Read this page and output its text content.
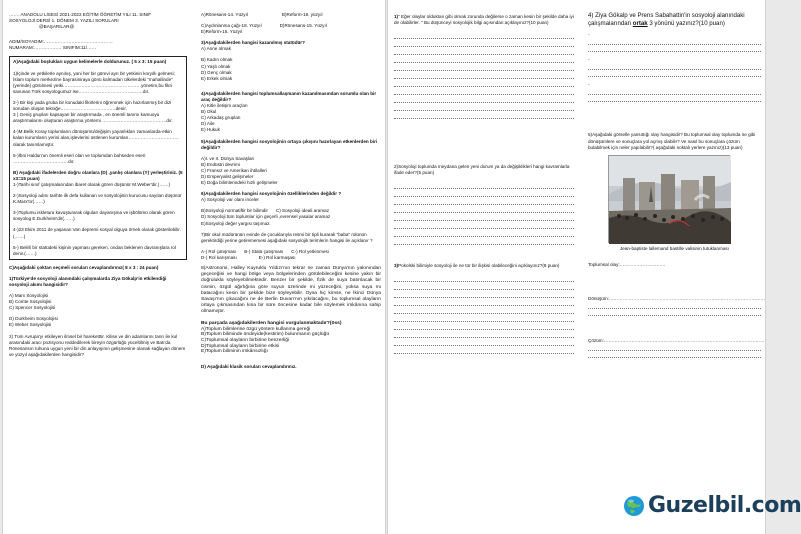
……. ANADOLU LİSESİ 2021-2022 EĞİTİM ÖĞRETİM YILI 11. SINIF
SOSYOLOJİ DERSİ 1. DÖNEM 3. YAZILI SORULARI
@BAŞARILAR@
ADIM/SOYADIM:………………………………………
NUMARAM:……………… SINIFIM:11/……
A)Aşağıdaki boşlukları uygun kelimelerle doldurunuz. ( 5 x 3: 15 puan)
1)İçinde ve yetkilerle aynılıış, yani her bir görevi ayrı bir yetkinin koryıllı gelmesi; İslam toplum merkezine bayrasiniraya gönü kalmadan ülkelerdeki "mahallinde"(yerinde) görülmesi yetki……………………………………………yönetim,bu fikri savunan Türk sosyologumuz ise……………………………………dır.
2-) Bir kişi yada gruba bir konudaki fikirlerini öğrenmek için hazırlanmış bir dizi sorudan oluşan tekniğe………………………………denir.
3 ) Geniş grupları kapsayan bir araştırmada , en önemli tanımı kamuoyu araştırmalarını oluşturan araştırma yöntemi ……………………………………dır.
4-)M.Belik Koray toplumların dönüşümü/değişim yayanlıkları zamanlarda-etkin kalan kurumların yerini alan,işlevlerini üstlenen kurumları……………………………olarak tanımlamıştır.
5-)İbni Haldun'un önemli eseri olan ve toplumdan bahseden eseri ………………………………dır.
B) Aşağıdaki ifadelerden doğru olanlara (D) ,yanlış olanlara (Y) yerleştiriniz. (5 x3=15 puan)
1-)Tarihi sınıf çatışmalarından ibaret olarak gören düşünür M.Weber'dir.(……)
2-)Sosyoloji adını tarihte ilk defa kullanan ve sosyolojinin kurucusu sayılan düşünür K.Marx'tır(……)
3-)Toplumu iskletura kavuşturarak olguları dayanışma ve işbölümü olarak gören sosyolog E.Durkheim'dir(……)
4-)23 Ekim 2011 de yaşanan Van depremi sosyal olguya örnek olarak gösterilebilir.(……)
5-) Belirli bir statüdeki kişinin yapması gereken, ondan beklenen davranışlara rol denir.(……)
C)Aşağıdaki çoktan seçmeli soruları cevaplandırınız( 8 x 3 : 24 puan)
1)Türkiye'de sosyoloji alanındaki çalışmalarda Ziya Gökalp'in etkilendiği sosyoloji akımı hangisidir?
A) Marx Sosyolojisi
B) Comte Sosyolojisi
C) Spencer Sosyolojisi
D) Durkheim Sosyolojisi
E) Weber Sosyolojisi
2) Tüm Avrupa'yı etkileyen ilmsel bir hareketttir. Kilise ve din adamlarını tanrı ile kul arasındaki aracı pozisyonu reddedilerek bireyin özgürlüğü yüceltilmiş ve Batı'da Rönesansın ruhuna uygun yeni bir din anlayışının gelişmesine olanak sağlayan dönem ve yüzyıl aşağıdakilerden hangisidir?
A)Rönesans-14. Yüzyıl	B)Reform-16. yüzyıl
C)Aydınlanma çağı-18. Yüzyıl	D)Rönesans-15. Yüzyıl
E)Reform-15. Yüzyıl
3)Aşağıdakilerden hangisi kazanılmış statüdür?
A) Anne olmak
B) Kadın olmak
C) Yaşlı olmak
D) Genç olmak
E) Erkek olmak
4)Aşağıdakilerden hangisi toplumsallaşmanın kazanılmasından sorumlu olan bir araç değildir?
A) Kitle iletişim araçları
B) Okul
C) Arkadaş grupları
D) Aile
E) Hukuk
5)Aşağıdakilerden hangisi sosyolojinin ortaya çıkışını hazırlayan etkenlerden biri değildir?
A)I. ve II. Dünya Savaşları
B) Endüstri devrimi
C) Fransız ve Amerikan ihtilalleri
D) Emperyalist gelişmeler
E) Doğa bilimlerindeki hızlı gelişmeler
6)Aşağıdakilerden hangisi sosyolojinin özelliklerinden değildir ?
A) Sosyoloji var olanı inceler
B)Sosyoloji normatiftir bir bilimdir C) Sosyoloji ideali aramaz
D) Sosyoloji tüm toplumlar için geçerli ,evrensel yasalar aramaz
E)Sosyoloji değer yargısı taşımaz.
7)Bir okul müdürünün evinde de çocuklarıyla resmi bir tipli kurarak "baba" rolünün gerektirdiği yerine getirememesi aşağıdaki sosyolojik terimlerin hangisi ile açıklanır ?
A-) Rol çatışması B-) Statü çatışması C-) Rol yetkinmesi
D-) Rol karışması	E-) Rol karmaşası
8)Astronomi, Halley Kuyruklu Yıldızı'nın tekrar ne zaman Dünya'nın yakınından geçeceğini ve hangi bölge veya bölgelerinden görülebileceğini kesine yakın bir doğrulukla söyleyebilmektedir. Benzer bir şekilde, fizik de suya batırılacak bir cismin, özgül ağırlığına göre suyun üzerinde mi yüzeceğini, yoksa suya mı batacağını kesin bir şekilde bize söyleyebilir. Oysa hiç kimse, ne İkinci Dünya Savaşı'nın çıkacağını ne de Berlin Duvarı'nın yıkılacağını, bu toplumsal olayların ortaya çıkmasından kısa bir süre öncesine kadar bile söylemek imkânına sahip olmamıştır.
Bu parçada aşağıdakilerden hangisi vurgulanmaktadır?(öss)
A)Toplum bilimlerine özgü yöntem kullanma gereği
B)Toplum biliminde öndeyide(kestirim) bulunmanın güçlüğü
C)Toplumsal olayların birbirine benzerliği
D)Toplumsal olayların birbirine etkisi
E)Toplum biliminin imkânsızlığı
D) Aşağıdaki klasik soruları cevaplandırınız.
1)" Eğer olaylar olduktan gibi olmak zorunda değilerse o zaman kesin bir şekilde daha iyi de olabilirler. " Bu düşünceyi sosyolojik bilgi açısından açıklayınız?(10 puan)
2)Sosyoloji toplumda meydana gelen yeni durum ya da değişiklikleri hangi kavramlarla ifade eder?(5 puan)
3)Pokolski bilimiyle sosyoloji ile ne tür bir ilişkisi olabileceğini açıklayınız?(8 puan)
4) Ziya Gökalp ve Prens Sabahattin'in sosyoloji alanındaki çalışmalarından ortak 3 yönünü yazınız?(10 puan)
-
-
-
5)Aşağıdaki görselle yansıttığı olay hangisidir? Bu toplumsal olay toplumda ne gibi dönüşümlere ve sonuçlara yol açmış olabilir? Ve nasıl bu sonuçlara çözüm bulabilmek için neler yapılabilir?( aşağıdaki noktalı yerlere yazınız)(13 puan)
Jean-baptiste lallemand bastille valisinin tutuklanması
Toplumsal olay:…………………………
Dönüşüm:…………………………………………………………………………………………
Çözüm:……………………………………………………………………………………………
Guzelbil.com
